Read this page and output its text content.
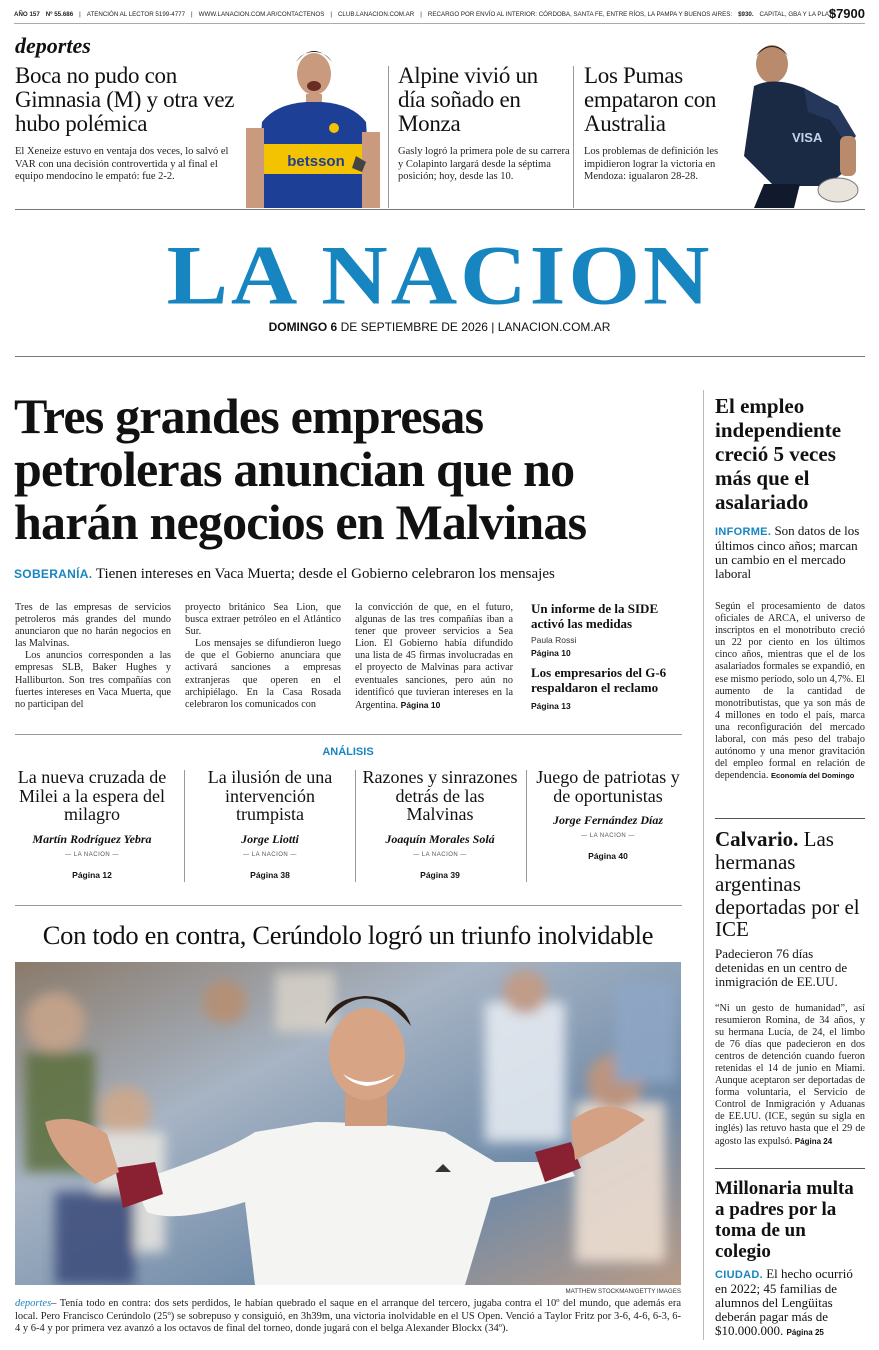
AÑO 157 Nº 55.686 | ATENCIÓN AL LECTOR 5199-4777 | WWW.LANACION.COM.AR/CONTACTENOS | CLUB.LANACION.COM.AR | RECARGO POR ENVÍO AL INTERIOR: CÓRDOBA, SANTA FE, ENTRE RÍOS, LA PAMPA Y BUENOS AIRES: $930. CAPITAL, GBA Y LA PLATA
$7900
deportes
Boca no pudo con Gimnasia (M) y otra vez hubo polémica
El Xeneize estuvo en ventaja dos veces, lo salvó el VAR con una decisión controvertida y al final el equipo mendocino le empató: fue 2-2.
betsson
Alpine vivió un día soñado en Monza
Gasly logró la primera pole de su carrera y Colapinto largará desde la séptima posición; hoy, desde las 10.
Los Pumas empataron con Australia
Los problemas de definición les impidieron lograr la victoria en Mendoza: igualaron 28-28.
VISA
LA NACION
DOMINGO 6 DE SEPTIEMBRE DE 2026 | LANACION.COM.AR
Tres grandes empresas petroleras anuncian que no harán negocios en Malvinas
SOBERANÍA. Tienen intereses en Vaca Muerta; desde el Gobierno celebraron los mensajes
Tres de las empresas de servicios petroleros más grandes del mundo anunciaron que no harán negocios en las Malvinas.
Los anuncios corresponden a las empresas SLB, Baker Hughes y Halliburton. Son tres compañías con fuertes intereses en Vaca Muerta, que no participan del
proyecto británico Sea Lion, que busca extraer petróleo en el Atlántico Sur.
Los mensajes se difundieron luego de que el Gobierno anunciara que activará sanciones a empresas extranjeras que operen en el archipiélago. En la Casa Rosada celebraron los comunicados con
la convicción de que, en el futuro, algunas de las tres compañías iban a tener que proveer servicios a Sea Lion. El Gobierno había difundido una lista de 45 firmas involucradas en el proyecto de Malvinas para activar eventuales sanciones, pero aún no identificó que tuvieran intereses en la Argentina. Página 10
Un informe de la SIDE activó las medidas
Paula Rossi
Página 10
Los empresarios del G-6 respaldaron el reclamo
Página 13
ANÁLISIS
La nueva cruzada de Milei a la espera del milagro
Martín Rodríguez Yebra
— LA NACION —
Página 12
La ilusión de una intervención trumpista
Jorge Liotti
— LA NACION —
Página 38
Razones y sinrazones detrás de las Malvinas
Joaquín Morales Solá
— LA NACION —
Página 39
Juego de patriotas y de oportunistas
Jorge Fernández Díaz
— LA NACION —
Página 40
Con todo en contra, Cerúndolo logró un triunfo inolvidable
MATTHEW STOCKMAN/GETTY IMAGES
deportes– Tenía todo en contra: dos sets perdidos, le habían quebrado el saque en el arranque del tercero, jugaba contra el 10º del mundo, que además era local. Pero Francisco Cerúndolo (25º) se sobrepuso y consiguió, en 3h39m, una victoria inolvidable en el US Open. Venció a Taylor Fritz por 3-6, 4-6, 6-3, 6-4 y 6-4 y por primera vez avanzó a los octavos de final del torneo, donde jugará con el belga Alexander Blockx (34º).
El empleo independiente creció 5 veces más que el asalariado
INFORME. Son datos de los últimos cinco años; marcan un cambio en el mercado laboral
Según el procesamiento de datos oficiales de ARCA, el universo de inscriptos en el monotributo creció un 22 por ciento en los últimos cinco años, mientras que el de los asalariados formales se expandió, en ese mismo período, solo un 4,7%. El aumento de la cantidad de monotributistas, que ya son más de 4 millones en todo el país, marca una reconfiguración del mercado laboral, con más peso del trabajo autónomo y una menor gravitación del empleo formal en relación de dependencia. Economía del Domingo
Calvario. Las hermanas argentinas deportadas por el ICE
Padecieron 76 días detenidas en un centro de inmigración de EE.UU.
“Ni un gesto de humanidad”, así resumieron Romina, de 34 años, y su hermana Lucía, de 24, el limbo de 76 días que padecieron en dos centros de detención cuando fueron retenidas el 14 de junio en Miami. Aunque aceptaron ser deportadas de forma voluntaria, el Servicio de Control de Inmigración y Aduanas de EE.UU. (ICE, según su sigla en inglés) las retuvo hasta que el 29 de agosto las expulsó. Página 24
Millonaria multa a padres por la toma de un colegio
CIUDAD. El hecho ocurrió en 2022; 45 familias de alumnos del Lengüitas deberán pagar más de $10.000.000. Página 25
